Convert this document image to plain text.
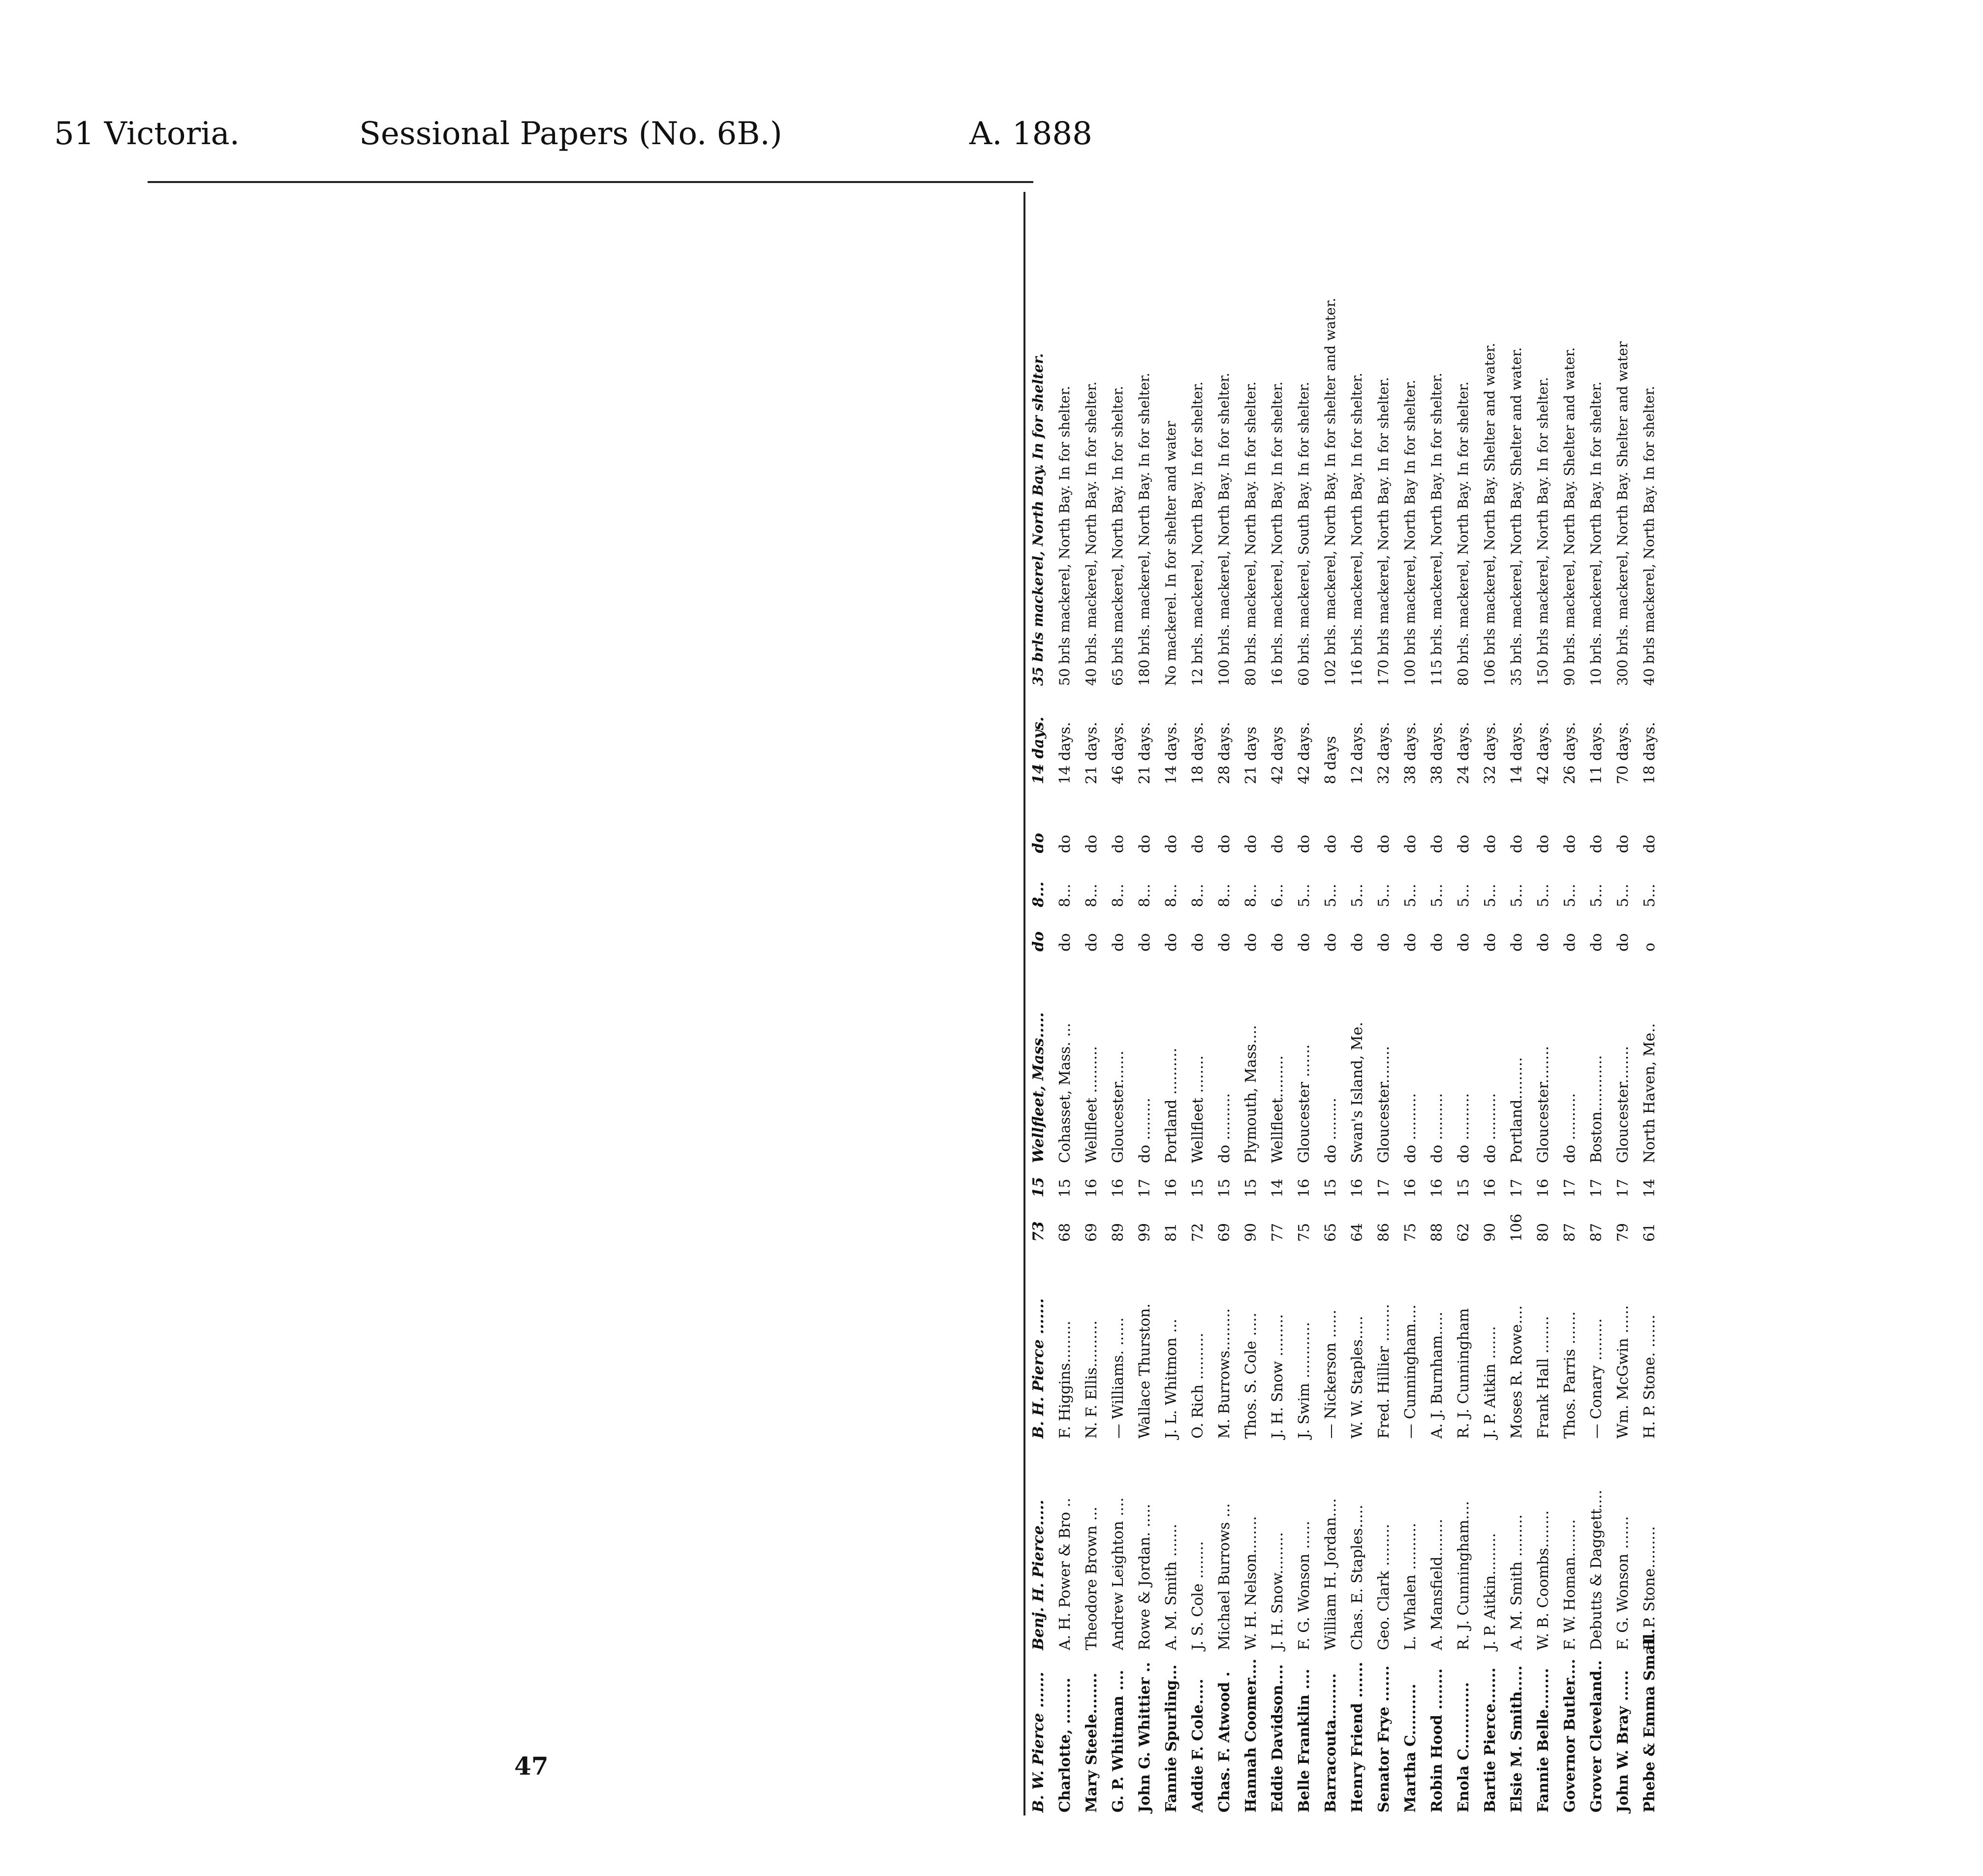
51 Victoria.	Sessional Papers (No. 6B.)	A. 1888
B. W. Pierce .......	Benj. H. Pierce.....	B. H. Pierce .......	73	15	Wellfleet, Mass.....	do	8...	do	14 days.	35 brls mackerel, North Bay. In for shelter.
Charlotte, .........	A. H. Power & Bro ..	F. Higgins.........	68	15	Cohasset, Mass. ...	do	8...	do	14 days.	50 brls mackerel, North Bay. In for shelter.
Mary Steele........	Theodore Brown ...	N. F. Ellis..........	69	16	Wellfleet ..........	do	8...	do	21 days.	40 brls. mackerel, North Bay. In for shelter.
G. P. Whitman ....	Andrew Leighton ....	— Williams. ......	89	16	Gloucester.......	do	8...	do	46 days.	65 brls mackerel, North Bay. In for shelter.
John G. Whittier ..	Rowe & Jordan. .....	Wallace Thurston.	99	17	do .........	do	8...	do	21 days.	180 brls. mackerel, North Bay. In for shelter.
Fannie Spurling...	A. M. Smith .......	J. L. Whitmon ...	81	16	Portland ..........	do	8...	do	14 days.	No mackerel. In for shelter and water
Addie F. Cole.....	J. S. Cole ........	O. Rich ..........	72	15	Wellfleet ........	do	8...	do	18 days.	12 brls. mackerel, North Bay. In for shelter.
Chas. F. Atwood .	Michael Burrows ...	M. Burrows.........	69	15	do ..........	do	8...	do	28 days.	100 brls. mackerel, North Bay. In for shelter.
Hannah Coomer....	W. H. Nelson........	Thos. S. Cole .....	90	15	Plymouth, Mass....	do	8...	do	21 days	80 brls. mackerel, North Bay. In for shelter.
Eddie Davidson....	J. H. Snow.........	J. H. Snow .........	77	14	Wellfleet.........	do	6...	do	42 days	16 brls. mackerel, North Bay. In for shelter.
Belle Franklin ....	F. G. Wonson ......	J. Swim ............	75	16	Gloucester .......	do	5...	do	42 days.	60 brls. mackerel, South Bay. In for shelter.
Barracouta.........	William H. Jordan....	— Nickerson ......	65	15	do .........	do	5...	do	8 days	102 brls. mackerel, North Bay. In for shelter and water.
Henry Friend .......	Chas. E. Staples.....	W. W. Staples.....	64	16	Swan's Island, Me.	do	5...	do	12 days.	116 brls. mackerel, North Bay. In for shelter.
Senator Frye .......	Geo. Clark .........	Fred. Hillier ........	86	17	Gloucester........	do	5...	do	32 days.	170 brls mackerel, North Bay. In for shelter.
Martha C..........	L. Whalen ..........	— Cunningham....	75	16	do ..........	do	5...	do	38 days.	100 brls mackerel, North Bay In for shelter.
Robin Hood ........	A. Mansfield........	A. J. Burnham.....	88	16	do ..........	do	5...	do	38 days.	115 brls. mackerel, North Bay. In for shelter.
Enola C.............	R. J. Cunningham....	R. J. Cunningham	62	15	do ..........	do	5...	do	24 days.	80 brls. mackerel, North Bay. In for shelter.
Bartie Pierce.......	J. P. Aitkin.........	J. P. Aitkin .......	90	16	do ..........	do	5...	do	32 days.	106 brls mackerel, North Bay. Shelter and water.
Elsie M. Smith.....	A. M. Smith .........	Moses R. Rowe....	106	17	Portland.........	do	5...	do	14 days.	35 brls. mackerel, North Bay. Shelter and water.
Fannie Belle........	W. B. Coombs........	Frank Hall ........	80	16	Gloucester........	do	5...	do	42 days.	150 brls mackerel, North Bay. In for shelter.
Governor Butler....	F. W. Homan........	Thos. Parris .......	87	17	do ..........	do	5...	do	26 days.	90 brls. mackerel, North Bay. Shelter and water.
Grover Cleveland..	Debutts & Daggett....	— Conary .........	87	17	Boston............	do	5...	do	11 days.	10 brls. mackerel, North Bay. In for shelter.
John W. Bray ......	F. G. Wonson .......	Wm. McGwin ......	79	17	Gloucester........	do	5...	do	70 days.	300 brls. mackerel, North Bay. Shelter and water
Phebe & Emma Small.	H. P. Stone.........	H. P. Stone. .......	61	14	North Haven, Me..	o	5...	do	18 days.	40 brls mackerel, North Bay. In for shelter.
47
